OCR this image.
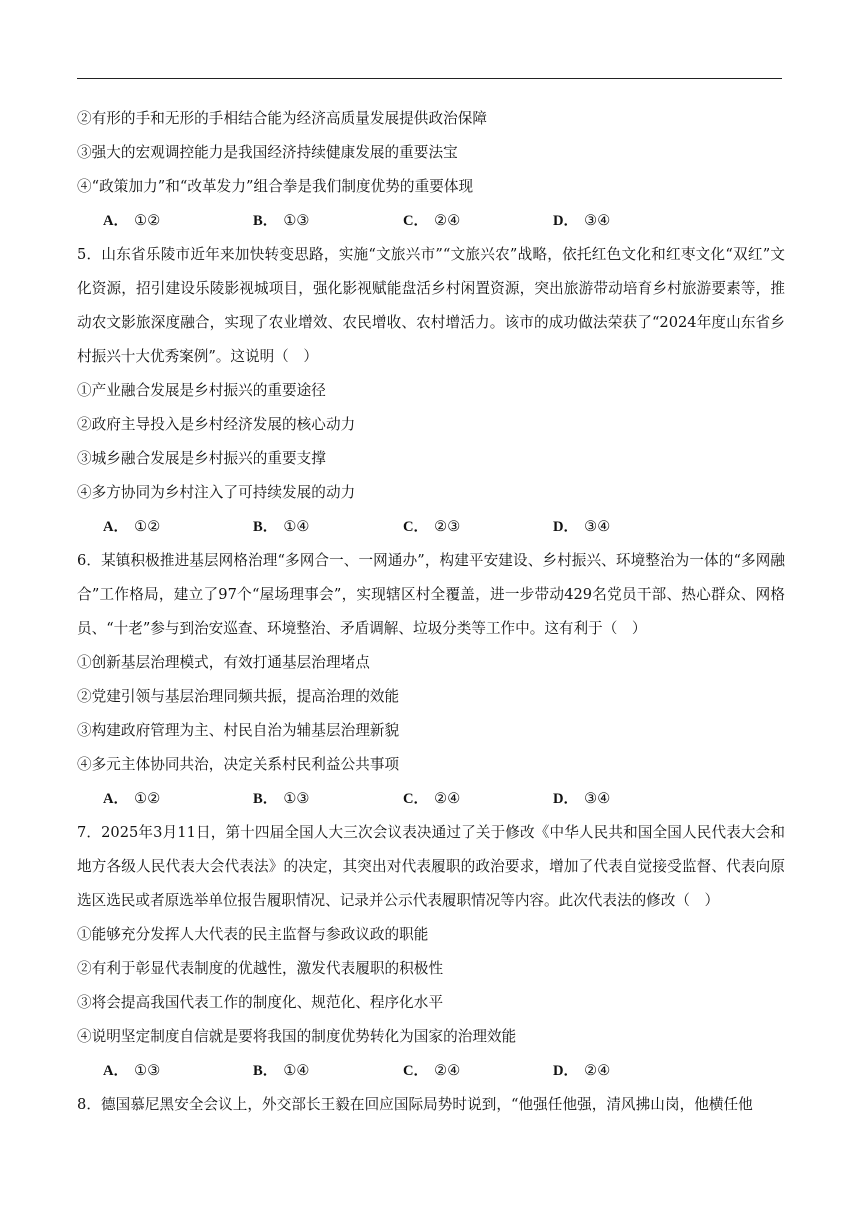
②有形的手和无形的手相结合能为经济高质量发展提供政治保障
③强大的宏观调控能力是我国经济持续健康发展的重要法宝
④“政策加力”和“改革发力”组合拳是我们制度优势的重要体现
A． ①②	B． ①③	C． ②④	D． ③④
5．山东省乐陵市近年来加快转变思路，实施“文旅兴市”“文旅兴农”战略，依托红色文化和红枣文化“双红”文化资源，招引建设乐陵影视城项目，强化影视赋能盘活乡村闲置资源，突出旅游带动培育乡村旅游要素等，推动农文影旅深度融合，实现了农业增效、农民增收、农村增活力。该市的成功做法荣获了“2024年度山东省乡村振兴十大优秀案例”。这说明（　）
①产业融合发展是乡村振兴的重要途径
②政府主导投入是乡村经济发展的核心动力
③城乡融合发展是乡村振兴的重要支撑
④多方协同为乡村注入了可持续发展的动力
A． ①②	B． ①④	C． ②③	D． ③④
6．某镇积极推进基层网格治理“多网合一、一网通办”，构建平安建设、乡村振兴、环境整治为一体的“多网融合”工作格局，建立了97个“屋场理事会”，实现辖区村全覆盖，进一步带动429名党员干部、热心群众、网格员、“十老”参与到治安巡查、环境整治、矛盾调解、垃圾分类等工作中。这有利于（　）
①创新基层治理模式，有效打通基层治理堵点
②党建引领与基层治理同频共振，提高治理的效能
③构建政府管理为主、村民自治为辅基层治理新貌
④多元主体协同共治，决定关系村民利益公共事项
A． ①②	B． ①③	C． ②④	D． ③④
7．2025年3月11日，第十四届全国人大三次会议表决通过了关于修改《中华人民共和国全国人民代表大会和地方各级人民代表大会代表法》的决定，其突出对代表履职的政治要求，增加了代表自觉接受监督、代表向原选区选民或者原选举单位报告履职情况、记录并公示代表履职情况等内容。此次代表法的修改（　）
①能够充分发挥人大代表的民主监督与参政议政的职能
②有利于彰显代表制度的优越性，激发代表履职的积极性
③将会提高我国代表工作的制度化、规范化、程序化水平
④说明坚定制度自信就是要将我国的制度优势转化为国家的治理效能
A． ①③	B． ①④	C． ②④	D． ②④
8．德国慕尼黑安全会议上，外交部长王毅在回应国际局势时说到，“他强任他强，清风拂山岗，他横任他
